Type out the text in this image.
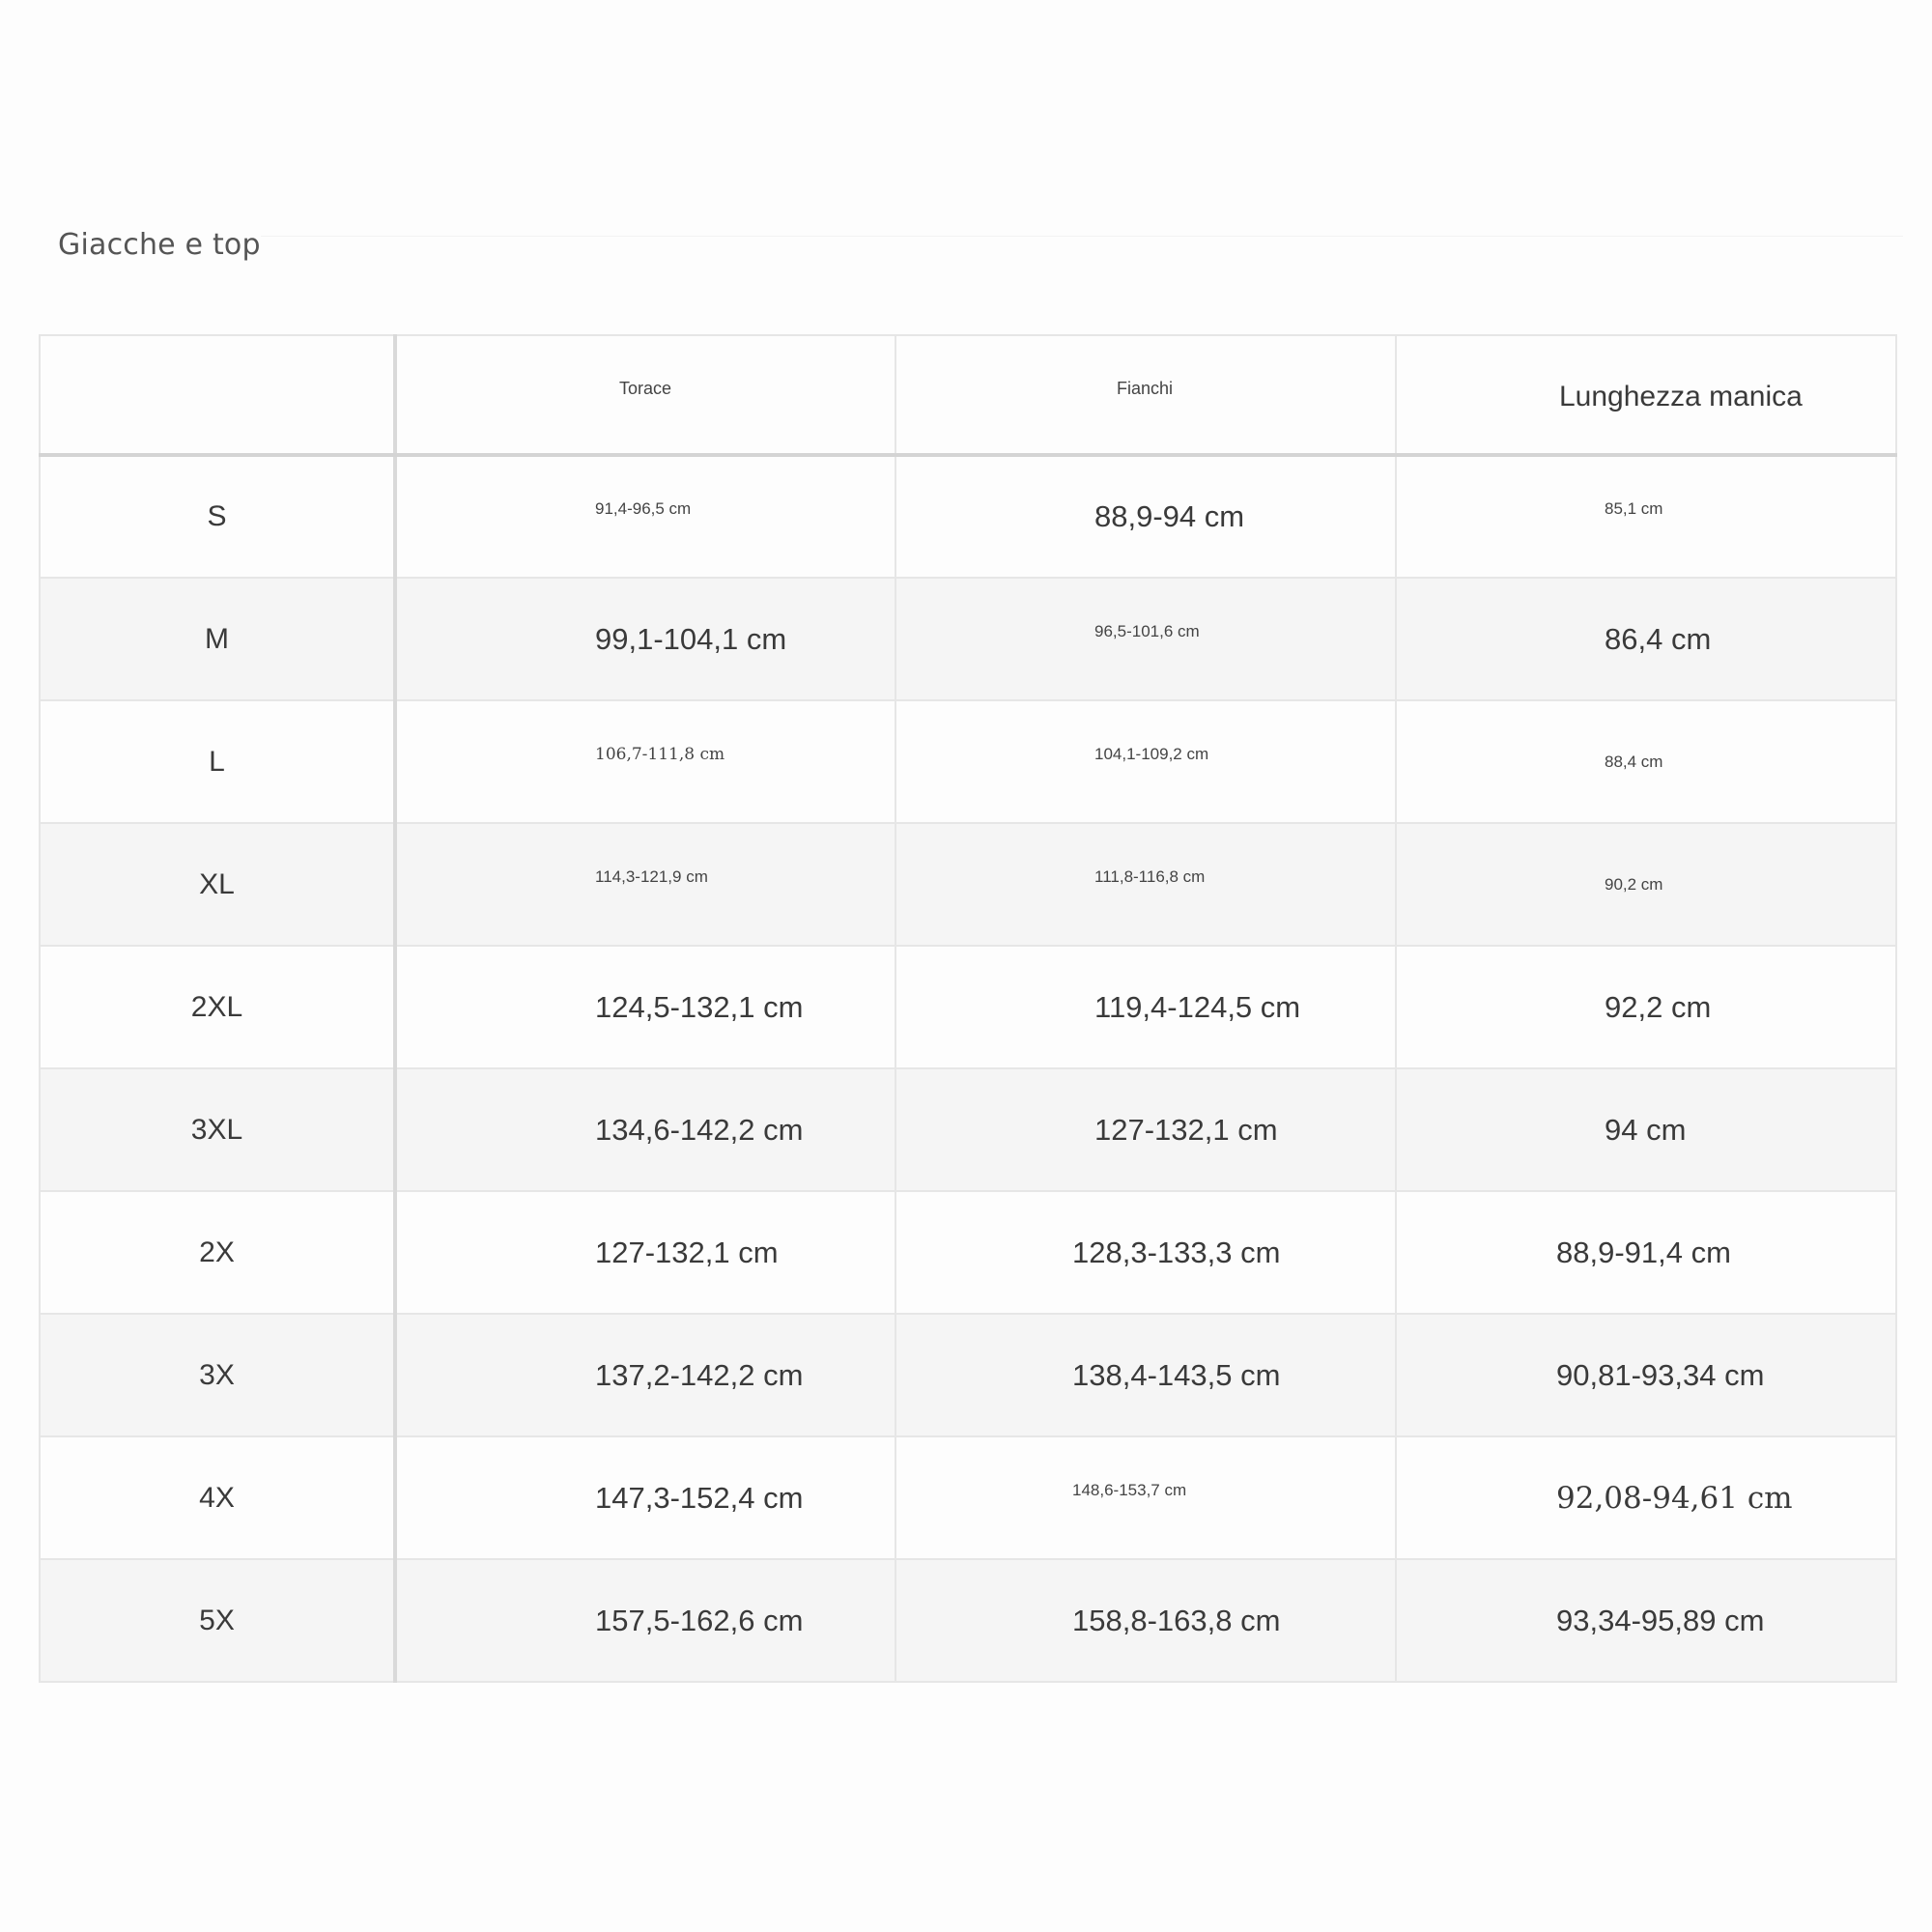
Giacche e top
	Torace	Fianchi	Lunghezza manica
S	91,4-96,5 cm	88,9-94 cm	85,1 cm
M	99,1-104,1 cm	96,5-101,6 cm	86,4 cm
L	106,7-111,8 cm	104,1-109,2 cm	88,4 cm
XL	114,3-121,9 cm	111,8-116,8 cm	90,2 cm
2XL	124,5-132,1 cm	119,4-124,5 cm	92,2 cm
3XL	134,6-142,2 cm	127-132,1 cm	94 cm
2X	127-132,1 cm	128,3-133,3 cm	88,9-91,4 cm
3X	137,2-142,2 cm	138,4-143,5 cm	90,81-93,34 cm
4X	147,3-152,4 cm	148,6-153,7 cm	92,08-94,61 cm
5X	157,5-162,6 cm	158,8-163,8 cm	93,34-95,89 cm
